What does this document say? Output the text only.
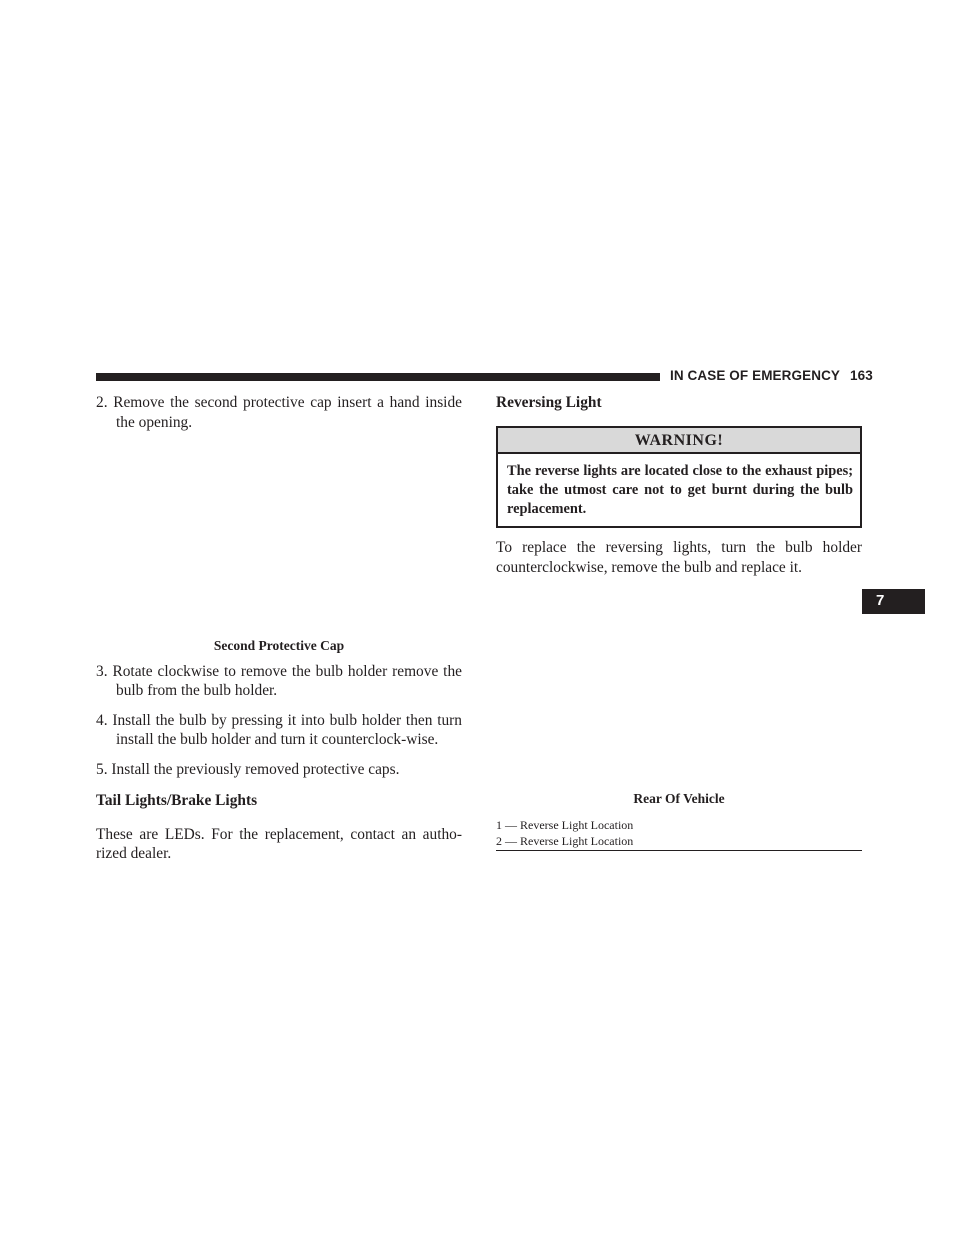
IN CASE OF EMERGENCY 163

2. Remove the second protective cap insert a hand inside the opening.

Second Protective Cap

3. Rotate clockwise to remove the bulb holder remove the bulb from the bulb holder.

4. Install the bulb by pressing it into bulb holder then turn install the bulb holder and turn it counterclock-wise.

5. Install the previously removed protective caps.

Tail Lights/Brake Lights

These are LEDs. For the replacement, contact an autho-rized dealer.

Reversing Light
WARNING!
The reverse lights are located close to the exhaust pipes; take the utmost care not to get burnt during the bulb replacement.

To replace the reversing lights, turn the bulb holder counterclockwise, remove the bulb and replace it.

Rear Of Vehicle
1 — Reverse Light Location
2 — Reverse Light Location
7
